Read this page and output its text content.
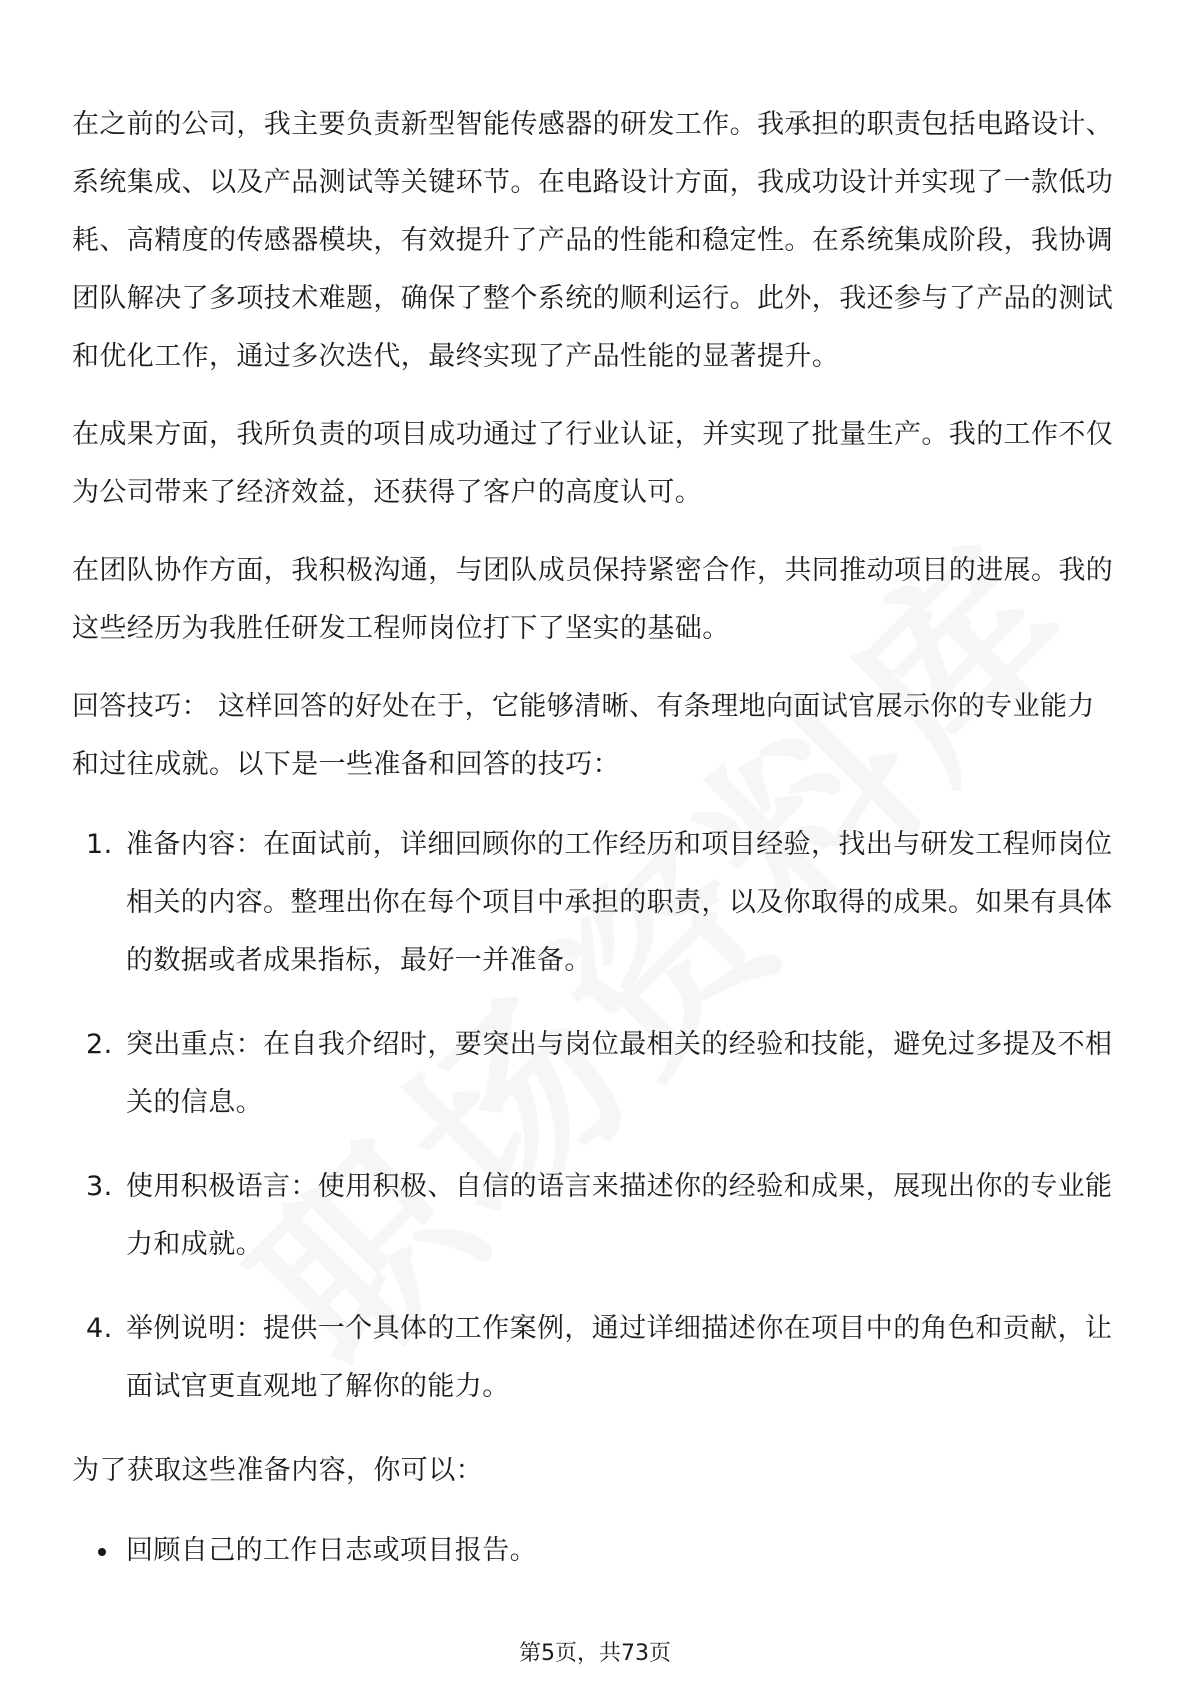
在之前的公司，我主要负责新型智能传感器的研发工作。我承担的职责包括电路设计、系统集成、以及产品测试等关键环节。在电路设计方面，我成功设计并实现了一款低功耗、高精度的传感器模块，有效提升了产品的性能和稳定性。在系统集成阶段，我协调团队解决了多项技术难题，确保了整个系统的顺利运行。此外，我还参与了产品的测试和优化工作，通过多次迭代，最终实现了产品性能的显著提升。

在成果方面，我所负责的项目成功通过了行业认证，并实现了批量生产。我的工作不仅为公司带来了经济效益，还获得了客户的高度认可。

在团队协作方面，我积极沟通，与团队成员保持紧密合作，共同推动项目的进展。我的这些经历为我胜任研发工程师岗位打下了坚实的基础。

回答技巧： 这样回答的好处在于，它能够清晰、有条理地向面试官展示你的专业能力和过往成就。以下是一些准备和回答的技巧：

1. 准备内容：在面试前，详细回顾你的工作经历和项目经验，找出与研发工程师岗位相关的内容。整理出你在每个项目中承担的职责，以及你取得的成果。如果有具体的数据或者成果指标，最好一并准备。
2. 突出重点：在自我介绍时，要突出与岗位最相关的经验和技能，避免过多提及不相关的信息。
3. 使用积极语言：使用积极、自信的语言来描述你的经验和成果，展现出你的专业能力和成就。
4. 举例说明：提供一个具体的工作案例，通过详细描述你在项目中的角色和贡献，让面试官更直观地了解你的能力。

为了获取这些准备内容，你可以：

回顾自己的工作日志或项目报告。
第5页，共73页
